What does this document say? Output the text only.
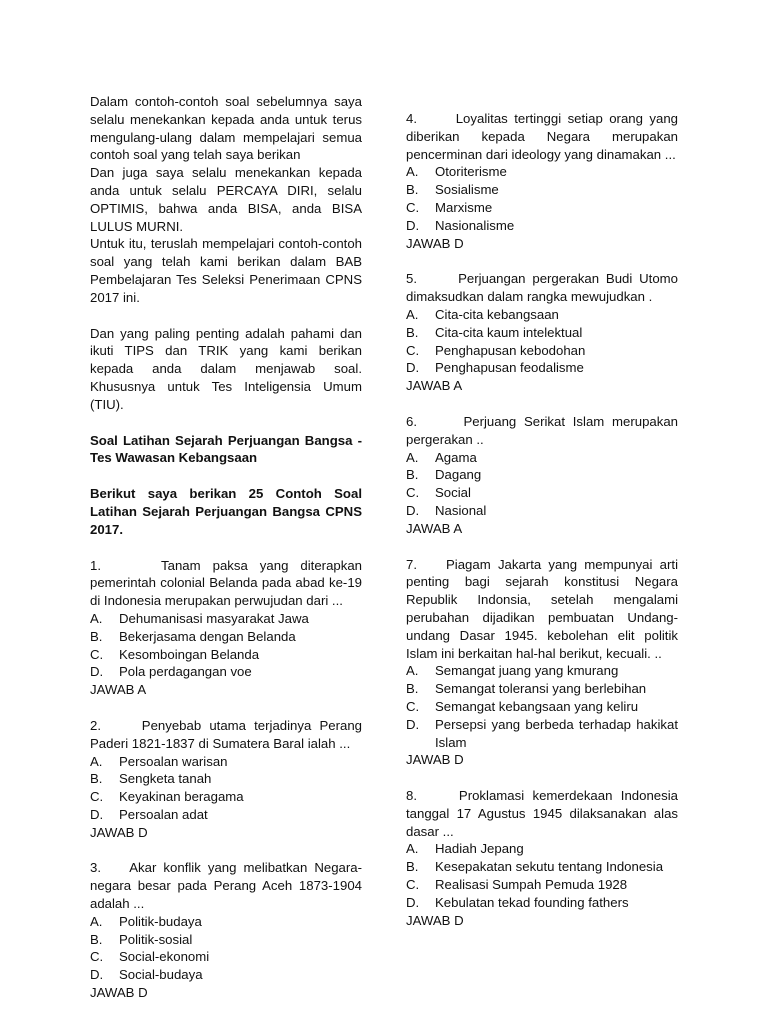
Dalam contoh-contoh soal sebelumnya saya selalu menekankan kepada anda untuk terus mengulang-ulang dalam mempelajari semua contoh soal yang telah saya berikan

Dan juga saya selalu menekankan kepada anda untuk selalu PERCAYA DIRI, selalu OPTIMIS, bahwa anda BISA, anda BISA LULUS MURNI.

Untuk itu, teruslah mempelajari contoh-contoh soal yang telah kami berikan dalam BAB Pembelajaran Tes Seleksi Penerimaan CPNS 2017 ini.

Dan yang paling penting adalah pahami dan ikuti TIPS dan TRIK yang kami berikan kepada anda dalam menjawab soal. Khususnya untuk Tes Inteligensia Umum (TIU).

Soal Latihan Sejarah Perjuangan Bangsa - Tes Wawasan Kebangsaan

Berikut saya berikan 25 Contoh Soal Latihan Sejarah Perjuangan Bangsa CPNS 2017.

1.	Tanam paksa yang diterapkan pemerintah colonial Belanda pada abad ke-19 di Indonesia merupakan perwujudan dari ...

A.	Dehumanisasi masyarakat Jawa
B.	Bekerjasama dengan Belanda
C.	Kesomboingan Belanda
D.	Pola perdagangan voe

JAWAB A

2.	Penyebab utama terjadinya Perang Paderi 1821-1837 di Sumatera Baral ialah ...

A.	Persoalan warisan
B.	Sengketa tanah
C.	Keyakinan beragama
D.	Persoalan adat

JAWAB D

3. Akar konflik yang melibatkan Negara-negara besar pada Perang Aceh 1873-1904 adalah ...

A.	Politik-budaya
B.	Politik-sosial
C.	Social-ekonomi
D.	Social-budaya

JAWAB D

4.	Loyalitas tertinggi setiap orang yang diberikan kepada Negara merupakan pencerminan dari ideology yang dinamakan ...

A.	Otoriterisme
B.	Sosialisme
C.	Marxisme
D.	Nasionalisme

JAWAB D

5.	Perjuangan pergerakan Budi Utomo dimaksudkan dalam rangka mewujudkan .

A.	Cita-cita kebangsaan
B.	Cita-cita kaum intelektual
C.	Penghapusan kebodohan
D.	Penghapusan feodalisme

JAWAB A

6.	Perjuang Serikat Islam merupakan pergerakan ..

A.	Agama
B.	Dagang
C.	Social
D.	Nasional

JAWAB A

7. Piagam Jakarta yang mempunyai arti penting bagi sejarah konstitusi Negara Republik Indonsia, setelah mengalami perubahan dijadikan pembuatan Undang-undang Dasar 1945. kebolehan elit politik Islam ini berkaitan hal-hal berikut, kecuali. ..

A.	Semangat juang yang kmurang
B.	Semangat toleransi yang berlebihan
C.	Semangat kebangsaan yang keliru
D.	Persepsi yang berbeda terhadap hakikat Islam

JAWAB D

8.	Proklamasi kemerdekaan Indonesia tanggal 17 Agustus 1945 dilaksanakan alas dasar ...

A.	Hadiah Jepang
B.	Kesepakatan sekutu tentang Indonesia
C.	Realisasi Sumpah Pemuda 1928
D.	Kebulatan tekad founding fathers

JAWAB D
